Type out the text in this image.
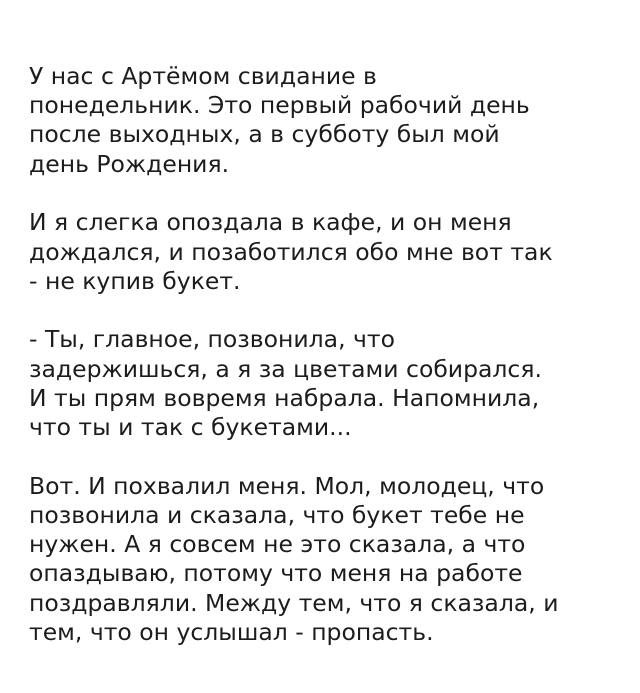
У нас с Артёмом свидание в
понедельник. Это первый рабочий день
после выходных, а в субботу был мой
день Рождения.

И я слегка опоздала в кафе, и он меня
дождался, и позаботился обо мне вот так
- не купив букет.

- Ты, главное, позвонила, что
задержишься, а я за цветами собирался.
И ты прям вовремя набрала. Напомнила,
что ты и так с букетами...

Вот. И похвалил меня. Мол, молодец, что
позвонила и сказала, что букет тебе не
нужен. А я совсем не это сказала, а что
опаздываю, потому что меня на работе
поздравляли. Между тем, что я сказала, и
тем, что он услышал - пропасть.
